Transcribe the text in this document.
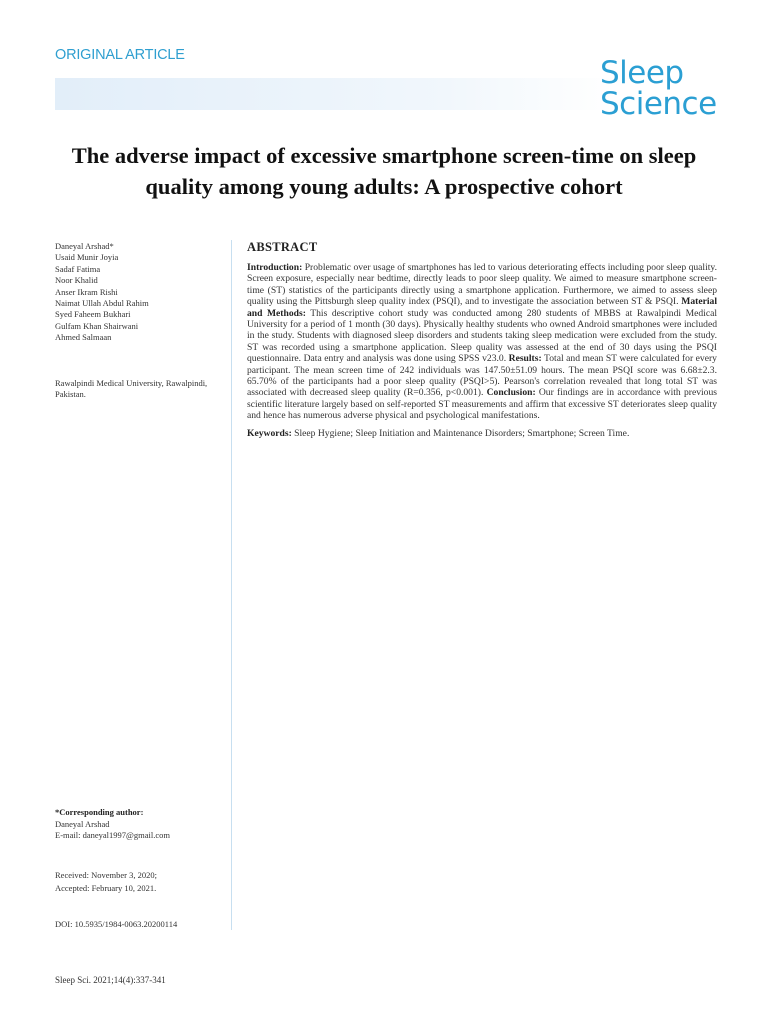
ORIGINAL ARTICLE	Sleep
Science
The adverse impact of excessive smartphone screen-time on sleep quality among young adults: A prospective cohort
Daneyal Arshad*
Usaid Munir Joyia
Sadaf Fatima
Noor Khalid
Anser Ikram Rishi
Naimat Ullah Abdul Rahim
Syed Faheem Bukhari
Gulfam Khan Shairwani
Ahmed Salmaan
Rawalpindi Medical University, Rawalpindi, Pakistan.
ABSTRACT

Introduction: Problematic over usage of smartphones has led to various deteriorating effects including poor sleep quality. Screen exposure, especially near bedtime, directly leads to poor sleep quality. We aimed to measure smartphone screen-time (ST) statistics of the participants directly using a smartphone application. Furthermore, we aimed to assess sleep quality using the Pittsburgh sleep quality index (PSQI), and to investigate the association between ST & PSQI. Material and Methods: This descriptive cohort study was conducted among 280 students of MBBS at Rawalpindi Medical University for a period of 1 month (30 days). Physically healthy students who owned Android smartphones were included in the study. Students with diagnosed sleep disorders and students taking sleep medication were excluded from the study. ST was recorded using a smartphone application. Sleep quality was assessed at the end of 30 days using the PSQI questionnaire. Data entry and analysis was done using SPSS v23.0. Results: Total and mean ST were calculated for every participant. The mean screen time of 242 individuals was 147.50±51.09 hours. The mean PSQI score was 6.68±2.3. 65.70% of the participants had a poor sleep quality (PSQI>5). Pearson's correlation revealed that long total ST was associated with decreased sleep quality (R=0.356, p<0.001). Conclusion: Our findings are in accordance with previous scientific literature largely based on self-reported ST measurements and affirm that excessive ST deteriorates sleep quality and hence has numerous adverse physical and psychological manifestations.

Keywords: Sleep Hygiene; Sleep Initiation and Maintenance Disorders; Smartphone; Screen Time.

*Corresponding author:
Daneyal Arshad
E-mail: daneyal1997@gmail.com
Received: November 3, 2020;
Accepted: February 10, 2021.
DOI: 10.5935/1984-0063.20200114
Sleep Sci. 2021;14(4):337-341
